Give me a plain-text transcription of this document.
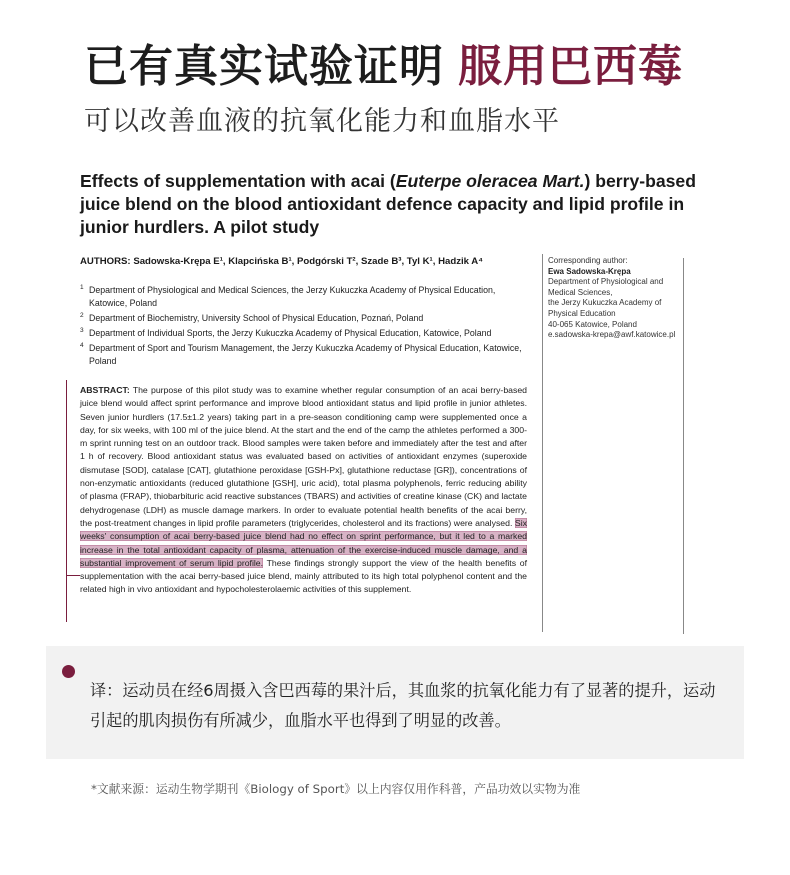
已有真实试验证明 服用巴西莓
可以改善血液的抗氧化能力和血脂水平
Effects of supplementation with acai (Euterpe oleracea Mart.) berry-based juice blend on the blood antioxidant defence capacity and lipid profile in junior hurdlers. A pilot study
AUTHORS: Sadowska-Krępa E¹, Klapcińska B¹, Podgórski T², Szade B³, Tyl K¹, Hadzik A⁴
1 Department of Physiological and Medical Sciences, the Jerzy Kukuczka Academy of Physical Education, Katowice, Poland
2 Department of Biochemistry, University School of Physical Education, Poznań, Poland
3 Department of Individual Sports, the Jerzy Kukuczka Academy of Physical Education, Katowice, Poland
4 Department of Sport and Tourism Management, the Jerzy Kukuczka Academy of Physical Education, Katowice, Poland

ABSTRACT: The purpose of this pilot study was to examine whether regular consumption of an acai berry-based juice blend would affect sprint performance and improve blood antioxidant status and lipid profile in junior athletes. Seven junior hurdlers (17.5±1.2 years) taking part in a pre-season conditioning camp were supplemented once a day, for six weeks, with 100 ml of the juice blend. At the start and the end of the camp the athletes performed a 300-m sprint running test on an outdoor track. Blood samples were taken before and immediately after the test and after 1 h of recovery. Blood antioxidant status was evaluated based on activities of antioxidant enzymes (superoxide dismutase [SOD], catalase [CAT], glutathione peroxidase [GSH-Px], glutathione reductase [GR]), concentrations of non-enzymatic antioxidants (reduced glutathione [GSH], uric acid), total plasma polyphenols, ferric reducing ability of plasma (FRAP), thiobarbituric acid reactive substances (TBARS) and activities of creatine kinase (CK) and lactate dehydrogenase (LDH) as muscle damage markers. In order to evaluate potential health benefits of the acai berry, the post-treatment changes in lipid profile parameters (triglycerides, cholesterol and its fractions) were analysed. Six weeks' consumption of acai berry-based juice blend had no effect on sprint performance, but it led to a marked increase in the total antioxidant capacity of plasma, attenuation of the exercise-induced muscle damage, and a substantial improvement of serum lipid profile. These findings strongly support the view of the health benefits of supplementation with the acai berry-based juice blend, mainly attributed to its high total polyphenol content and the related high in vivo antioxidant and hypocholesterolaemic activities of this supplement.

Corresponding author:
Ewa Sadowska-Krępa
Department of Physiological and
Medical Sciences,
the Jerzy Kukuczka Academy of
Physical Education
40-065 Katowice, Poland
e.sadowska-krepa@awf.katowice.pl
译：运动员在经6周摄入含巴西莓的果汁后，其血浆的抗氧化能力有了显著的提升，运动引起的肌肉损伤有所减少，血脂水平也得到了明显的改善。
*文献来源：运动生物学期刊《Biology of Sport》以上内容仅用作科普，产品功效以实物为准
